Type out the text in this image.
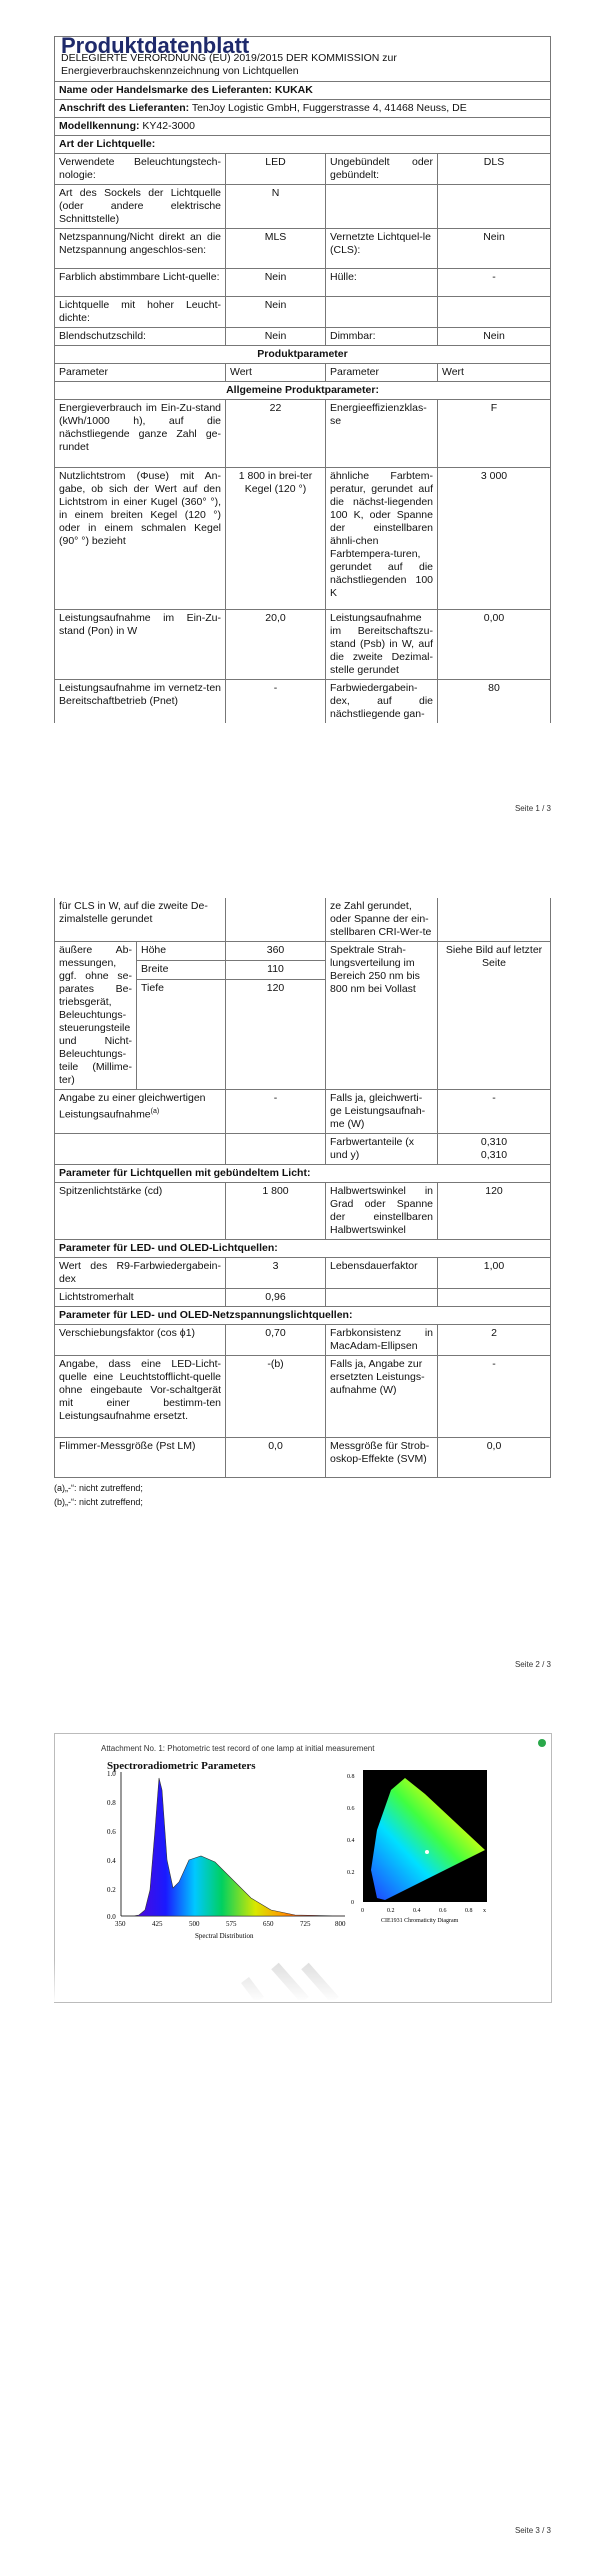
Produktdatenblatt
DELEGIERTE VERORDNUNG (EU) 2019/2015 DER KOMMISSION zur Energieverbrauchskennzeichnung von Lichtquellen			

Name oder Handelsmarke des Lieferanten: KUKAK			
Anschrift des Lieferanten: TenJoy Logistic GmbH, Fuggerstrasse 4, 41468 Neuss, DE			
Modellkennung: KY42-3000			
Art der Lichtquelle:			
Verwendete Beleuchtungstech-nologie:	LED	Ungebündelt oder gebündelt:	DLS
Art des Sockels der Lichtquelle (oder andere elektrische Schnittstelle)	N		
Netzspannung/Nicht direkt an die Netzspannung angeschlos-sen:	MLS	Vernetzte Lichtquel-le (CLS):	Nein
Farblich abstimmbare Licht-quelle:	Nein	Hülle:	-
Lichtquelle mit hoher Leucht-dichte:	Nein		
Blendschutzschild:	Nein	Dimmbar:	Nein
Produktparameter			
Parameter	Wert	Parameter	Wert
Allgemeine Produktparameter:			
Energieverbrauch im Ein-Zu-stand (kWh/1000 h), auf die nächstliegende ganze Zahl ge-rundet	22	Energieeffizienzklas-se	F
Nutzlichtstrom (Φuse) mit An-gabe, ob sich der Wert auf den Lichtstrom in einer Kugel (360° °), in einem breiten Kegel (120 °) oder in einem schmalen Kegel (90° °) bezieht	1 800 in brei-ter Kegel (120 °)	ähnliche Farbtem-peratur, gerundet auf die nächst-liegenden 100 K, oder Spanne der einstellbaren ähnli-chen Farbtempera-turen, gerundet auf die nächstliegenden 100 K	3 000
Leistungsaufnahme im Ein-Zu-stand (Pon) in W	20,0	Leistungsaufnahme im Bereitschaftszu-stand (Psb) in W, auf die zweite Dezimal-stelle gerundet	0,00
Leistungsaufnahme im vernetz-ten Bereitschaftbetrieb (Pnet)	-	Farbwiedergabein-dex, auf die nächstliegende gan-	80
Seite 1 / 3
für CLS in W, auf die zweite De-zimalstelle gerundet			ze Zahl gerundet, oder Spanne der ein-stellbaren CRI-Wer-te	
äußere Ab-messungen, ggf. ohne se-parates Be-triebsgerät, Beleuchtungs-steuerungsteile und Nicht-Beleuchtungs-teile (Millime-ter)	Höhe	360	Spektrale Strah-lungsverteilung im Bereich 250 nm bis 800 nm bei Vollast	Siehe Bild auf letzter Seite
	Breite	110		
	Tiefe	120		

Angabe zu einer gleichwertigen Leistungsaufnahme$^{(a)}$		-	Falls ja, gleichwerti-ge Leistungsaufnah-me (W)	-
			Farbwertanteile (x und y)	0,310
0,310
Parameter für Lichtquellen mit gebündeltem Licht:				
Spitzenlichtstärke (cd)		1 800	Halbwertswinkel in Grad oder Spanne der einstellbaren Halbwertswinkel	120
Parameter für LED- und OLED-Lichtquellen:				
Wert des R9-Farbwiedergabein-dex		3	Lebensdauerfaktor	1,00
Lichtstromerhalt		0,96		
Parameter für LED- und OLED-Netzspannungslichtquellen:				
Verschiebungsfaktor (cos ϕ1)		0,70	Farbkonsistenz in MacAdam-Ellipsen	2
Angabe, dass eine LED-Licht-quelle eine Leuchtstofflicht-quelle ohne eingebaute Vor-schaltgerät mit einer bestimm-ten Leistungsaufnahme ersetzt.		-(b)	Falls ja, Angabe zur ersetzten Leistungs-aufnahme (W)	-
Flimmer-Messgröße (Pst LM)		0,0	Messgröße für Strob-oskop-Effekte (SVM)	0,0
(a)„-“: nicht zutreffend;
(b)„-“: nicht zutreffend;
Seite 2 / 3
Seite 3 / 3
Attachment No. 1: Photometric test record of one lamp at initial measurement
Spectroradiometric Parameters
1.0
0.8
0.6
0.4
0.2
0.0
350	425	500	575	650	725	800
Spectral Distribution
0.8
0.6
0.4
0.2
0
0	0.2	0.4	0.6	0.8 x
CIE1931 Chromaticity Diagram
